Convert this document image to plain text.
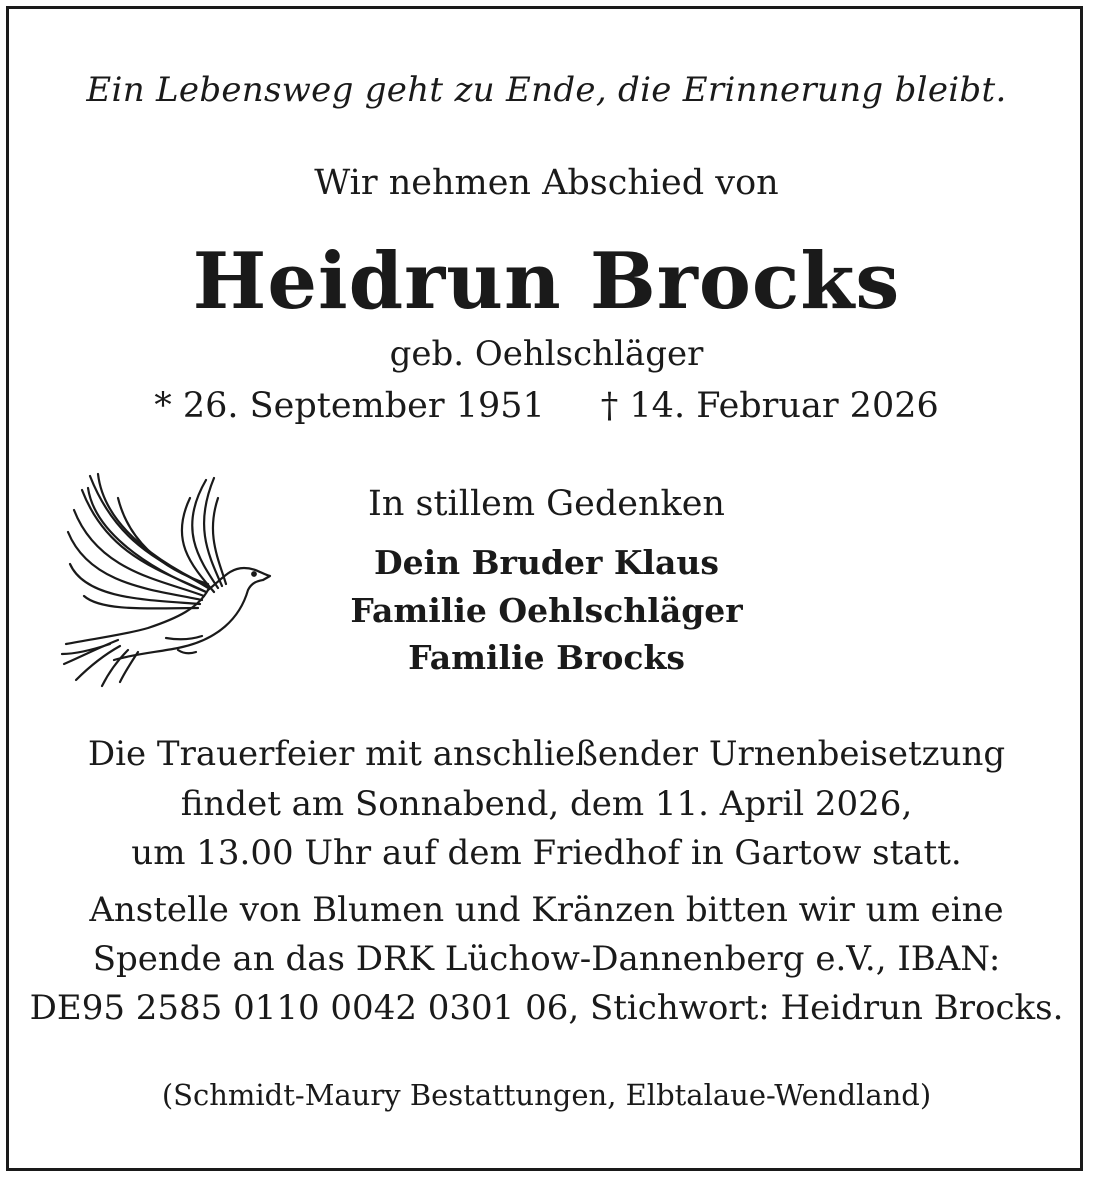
Ein Lebensweg geht zu Ende, die Erinnerung bleibt.
Wir nehmen Abschied von
Heidrun Brocks
geb. Oehlschläger
* 26. September 1951 † 14. Februar 2026
In stillem Gedenken
Dein Bruder Klaus
Familie Oehlschläger
Familie Brocks
Die Trauerfeier mit anschließender Urnenbeisetzung
findet am Sonnabend, dem 11. April 2026,
um 13.00 Uhr auf dem Friedhof in Gartow statt.
Anstelle von Blumen und Kränzen bitten wir um eine
Spende an das DRK Lüchow-Dannenberg e.V., IBAN:
DE95 2585 0110 0042 0301 06, Stichwort: Heidrun Brocks.
(Schmidt-Maury Bestattungen, Elbtalaue-Wendland)
